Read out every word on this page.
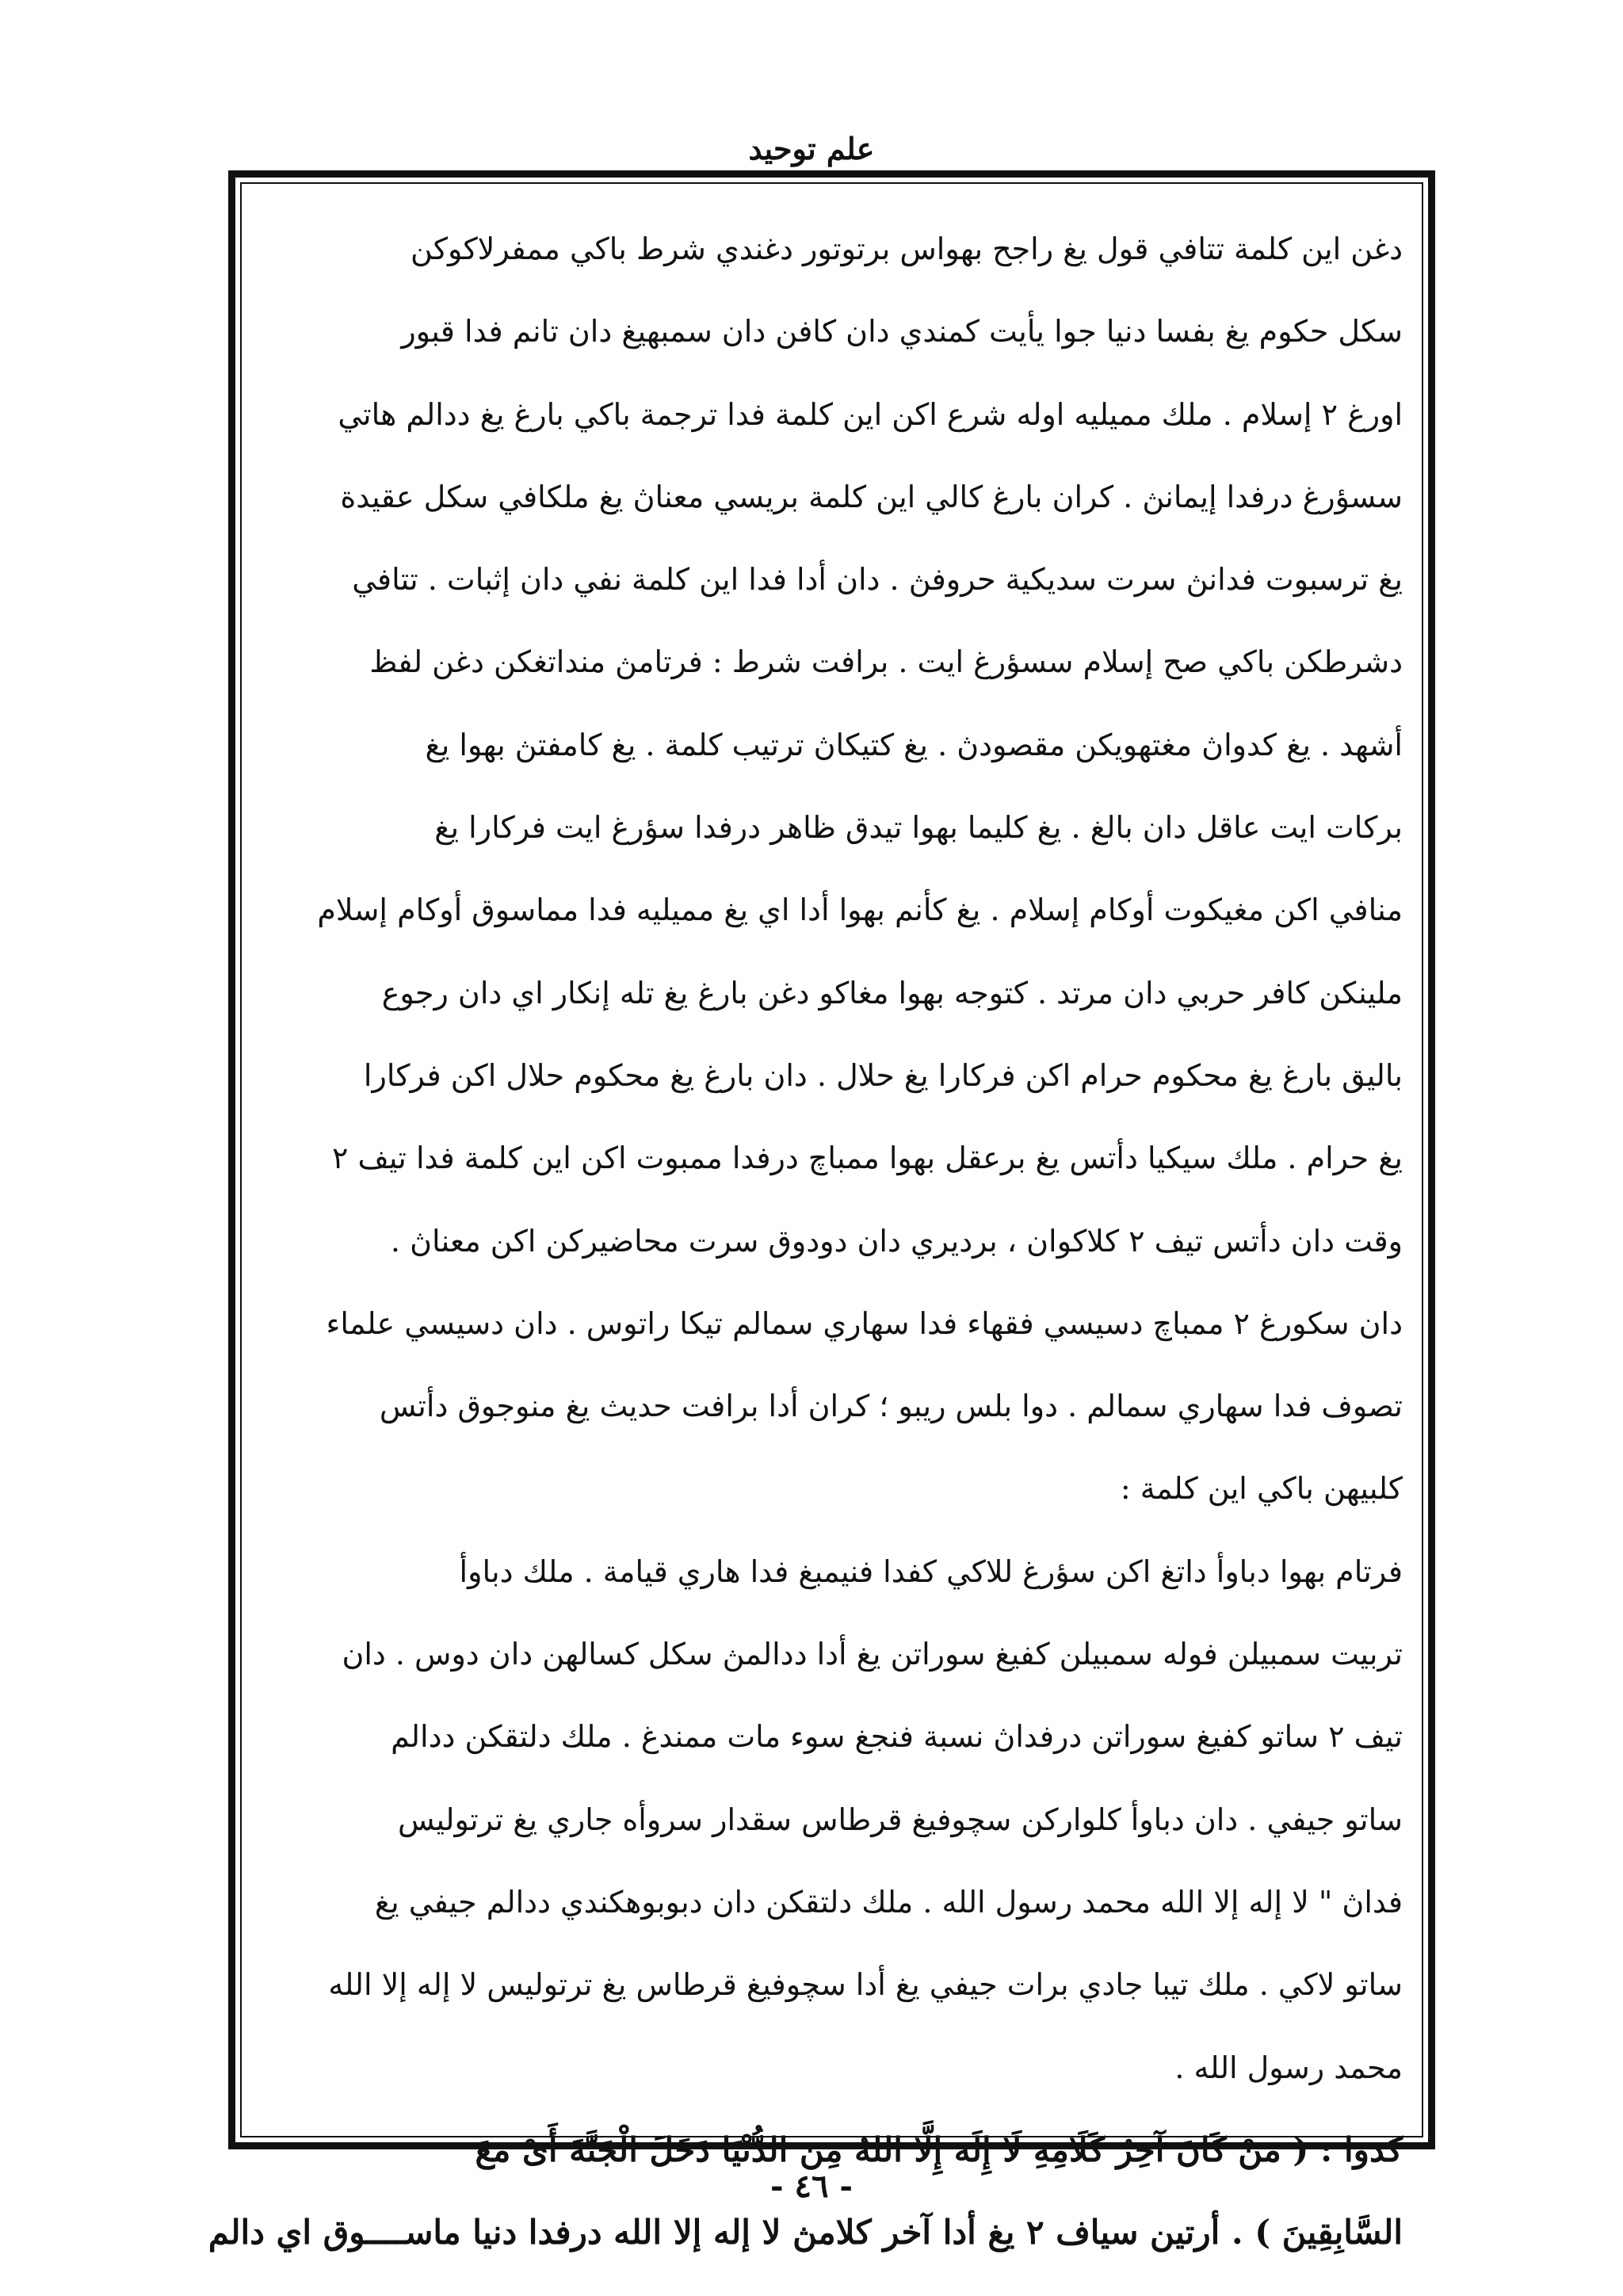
علم توحيد
دغن اين كلمة تتافي قول يغ راجح بهواس برتوتور دغندي شرط باكي ممفرلاكوكن
سكل حكوم يغ بفسا دنيا جوا يأيت كمندي دان كافن دان سمبهيغ دان تانم فدا قبور
اورغ ٢ إسلام . ملك مميليه اوله شرع اكن اين كلمة فدا ترجمة باكي بارغ يغ ددالم هاتي
سسؤرغ درفدا إيمانڽ . كران بارغ كالي اين كلمة بريسي معناڽ يغ ملكافي سكل عقيدة
يغ ترسبوت فدانڽ سرت سديكية حروفڽ . دان أدا فدا اين كلمة نفي دان إثبات . تتافي
دشرطكن باكي صح إسلام سسؤرغ ايت . برافت شرط : فرتامڽ منداتغكن دغن لفظ
أشهد . يغ كدواڽ مغتهويكن مقصودڽ . يغ كتيكاڽ ترتيب كلمة . يغ كامفتڽ بهوا يغ
بركات ايت عاقل دان بالغ . يغ كليما بهوا تيدق ظاهر درفدا سؤرغ ايت فركارا يغ
منافي اكن مغيكوت أوكام إسلام . يغ كأنم بهوا أدا اي يغ مميليه فدا مماسوق أوكام إسلام
ملينكن كافر حربي دان مرتد . كتوجه بهوا مغاكو دغن بارغ يغ تله إنكار اي دان رجوع
باليق بارغ يغ محكوم حرام اكن فركارا يغ حلال . دان بارغ يغ محكوم حلال اكن فركارا
يغ حرام . ملك سيكيا دأتس يغ برعقل بهوا ممباچ درفدا ممبوت اكن اين كلمة فدا تيف ٢
وقت دان دأتس تيف ٢ كلاكوان ، برديري دان دودوق سرت محاضيركن اكن معناڽ .
دان سكورغ ٢ ممباچ دسيسي فقهاء فدا سهاري سمالم تيكا راتوس . دان دسيسي علماء
تصوف فدا سهاري سمالم . دوا بلس ريبو ؛ كران أدا برافت حديث يغ منوجوق دأتس
كلبيهن باكي اين كلمة :
فرتام بهوا دباوأ داتغ اكن سؤرغ للاكي كفدا فنيمبغ فدا هاري قيامة . ملك دباوأ
تربيت سمبيلن فوله سمبيلن كفيغ سوراتن يغ أدا ددالمڽ سكل كسالهن دان دوس . دان
تيف ٢ ساتو كفيغ سوراتن درفداڽ نسبة فنجغ سوء مات ممندغ . ملك دلتقكن ددالم
ساتو جيفي . دان دباوأ كلواركن سچوفيغ قرطاس سقدار سروأه جاري يغ ترتوليس
فداڽ " لا إله إلا الله محمد رسول الله . ملك دلتقكن دان دبوبوهكندي ددالم جيفي يغ
ساتو لاكي . ملك تيبا جادي برات جيفي يغ أدا سچوفيغ قرطاس يغ ترتوليس لا إله إلا الله
محمد رسول الله .
كدوا : ( مَنْ كَانَ آخِرُ كَلَامِهِ لَا إِلَهَ إِلَّا اللهُ مِنَ الدُّنْيَا دَخَلَ الْجَنَّةَ أَىْ مَعَ
السَّابِقِينَ ) . أرتين سياف ٢ يغ أدا آخر كلامڽ لا إله إلا الله درفدا دنيا ماســــوق اي دالم
- ٤٦ -
